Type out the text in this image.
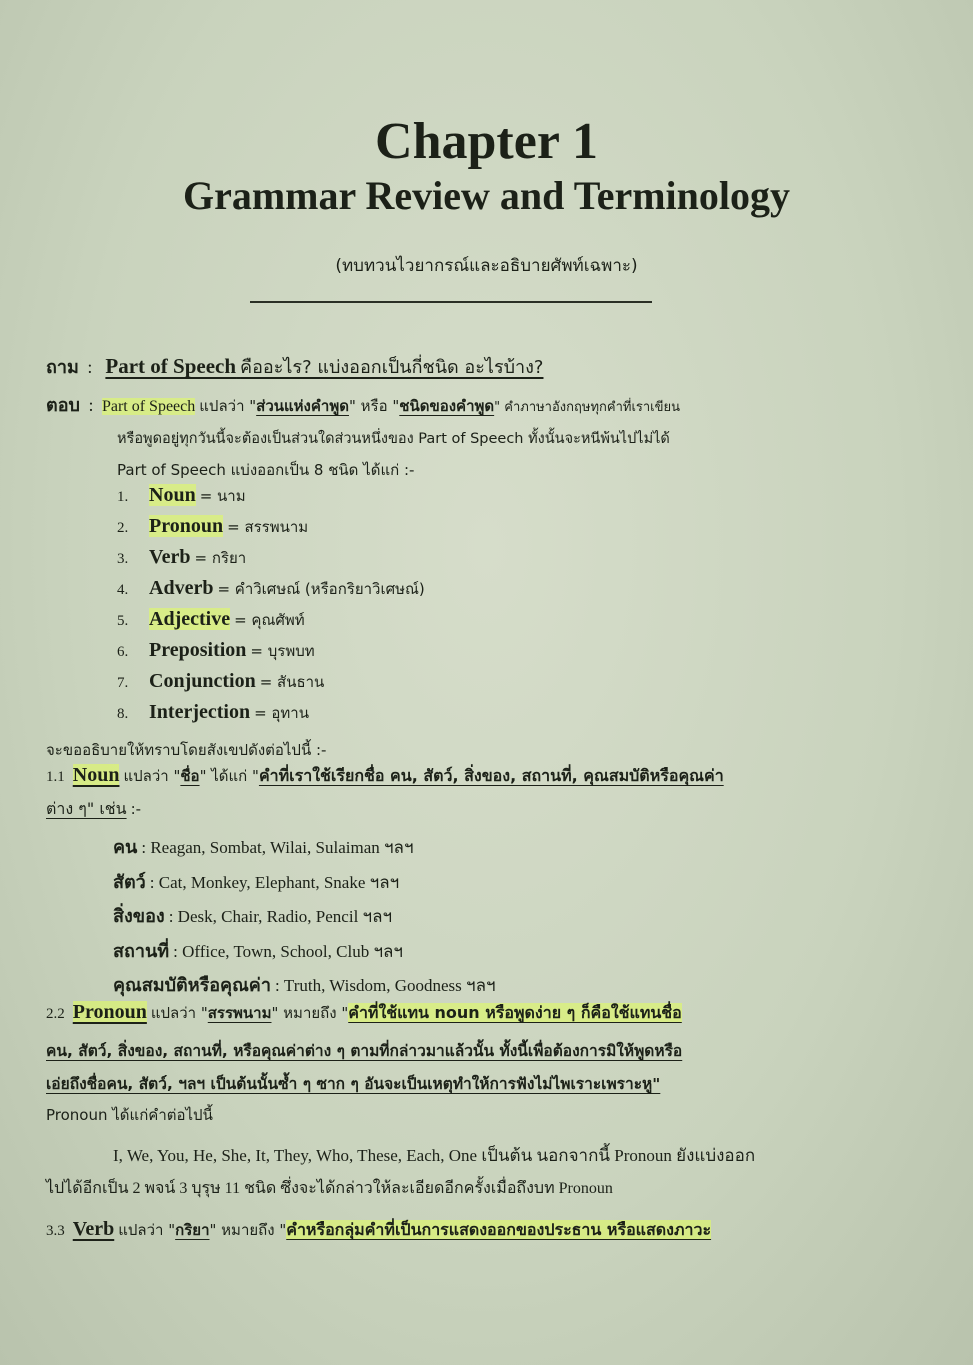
Chapter 1
Grammar Review and Terminology
(ทบทวนไวยากรณ์และอธิบายศัพท์เฉพาะ)
ถาม  :   Part of Speech คืออะไร? แบ่งออกเป็นกี่ชนิด อะไรบ้าง?
ตอบ  :  Part of Speech แปลว่า "ส่วนแห่งคำพูด" หรือ "ชนิดของคำพูด" คำภาษาอังกฤษทุกคำที่เราเขียน
หรือพูดอยู่ทุกวันนี้จะต้องเป็นส่วนใดส่วนหนึ่งของ Part of Speech ทั้งนั้นจะหนีพ้นไปไม่ได้
Part of Speech แบ่งออกเป็น 8 ชนิด ได้แก่ :-
1. Noun = นาม
2. Pronoun = สรรพนาม
3. Verb = กริยา
4. Adverb = คำวิเศษณ์ (หรือกริยาวิเศษณ์)
5. Adjective = คุณศัพท์
6. Preposition = บุรพบท
7. Conjunction = สันธาน
8. Interjection = อุทาน
จะขออธิบายให้ทราบโดยสังเขปดังต่อไปนี้ :-
1.1 Noun แปลว่า "ชื่อ" ได้แก่ "คำที่เราใช้เรียกชื่อ คน, สัตว์, สิ่งของ, สถานที่, คุณสมบัติหรือคุณค่า
ต่าง ๆ" เช่น :-
คน : Reagan, Sombat, Wilai, Sulaiman ฯลฯ
สัตว์ : Cat, Monkey, Elephant, Snake ฯลฯ
สิ่งของ : Desk, Chair, Radio, Pencil ฯลฯ
สถานที่ : Office, Town, School, Club ฯลฯ
คุณสมบัติหรือคุณค่า : Truth, Wisdom, Goodness ฯลฯ
2.2 Pronoun แปลว่า "สรรพนาม" หมายถึง "คำที่ใช้แทน noun หรือพูดง่าย ๆ ก็คือใช้แทนชื่อ
คน, สัตว์, สิ่งของ, สถานที่, หรือคุณค่าต่าง ๆ ตามที่กล่าวมาแล้วนั้น ทั้งนี้เพื่อต้องการมิให้พูดหรือ
เอ่ยถึงชื่อคน, สัตว์, ฯลฯ เป็นต้นนั้นซ้ำ ๆ ซาก ๆ อันจะเป็นเหตุทำให้การฟังไม่ไพเราะเพราะหู"
Pronoun ได้แก่คำต่อไปนี้
I, We, You, He, She, It, They, Who, These, Each, One เป็นต้น นอกจากนี้ Pronoun ยังแบ่งออก
ไปได้อีกเป็น 2 พจน์ 3 บุรุษ 11 ชนิด ซึ่งจะได้กล่าวให้ละเอียดอีกครั้งเมื่อถึงบท Pronoun
3.3 Verb แปลว่า "กริยา" หมายถึง "คำหรือกลุ่มคำที่เป็นการแสดงออกของประธาน หรือแสดงภาวะ
